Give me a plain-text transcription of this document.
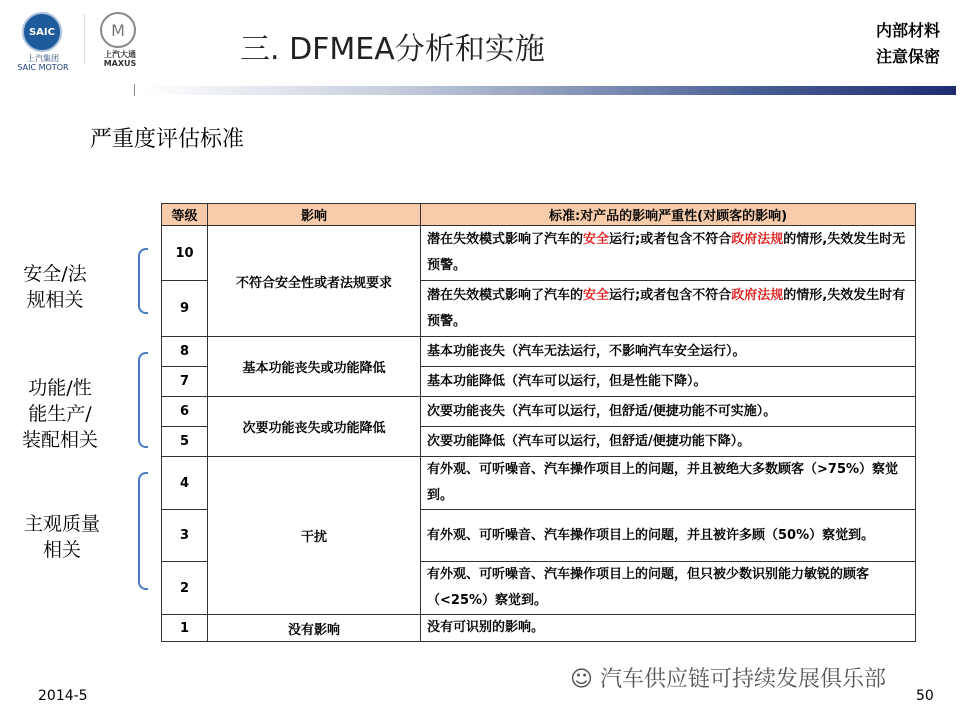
SAIC
上汽集团
SAIC MOTOR
M
上汽大通
MAXUS	三. DFMEA分析和实施
内部材料
注意保密
严重度评估标准
等级	影响	标准:对产品的影响严重性(对顾客的影响)
10	不符合安全性或者法规要求	潜在失效模式影响了汽车的安全运行;或者包含不符合政府法规的情形,失效发生时无预警。
9		潜在失效模式影响了汽车的安全运行;或者包含不符合政府法规的情形,失效发生时有预警。
8	基本功能丧失或功能降低	基本功能丧失（汽车无法运行，不影响汽车安全运行）。
7		基本功能降低（汽车可以运行，但是性能下降）。
6	次要功能丧失或功能降低	次要功能丧失（汽车可以运行，但舒适/便捷功能不可实施）。
5		次要功能降低（汽车可以运行，但舒适/便捷功能下降）。
4	干扰	有外观、可听噪音、汽车操作项目上的问题，并且被绝大多数顾客（>75%）察觉到。
3		有外观、可听噪音、汽车操作项目上的问题，并且被许多顾（50%）察觉到。
2		有外观、可听噪音、汽车操作项目上的问题，但只被少数识别能力敏锐的顾客（<25%）察觉到。
1	没有影响	没有可识别的影响。
安全/法规相关
功能/性能生产/装配相关
主观质量相关
2014-5
☺ 汽车供应链可持续发展俱乐部
50
